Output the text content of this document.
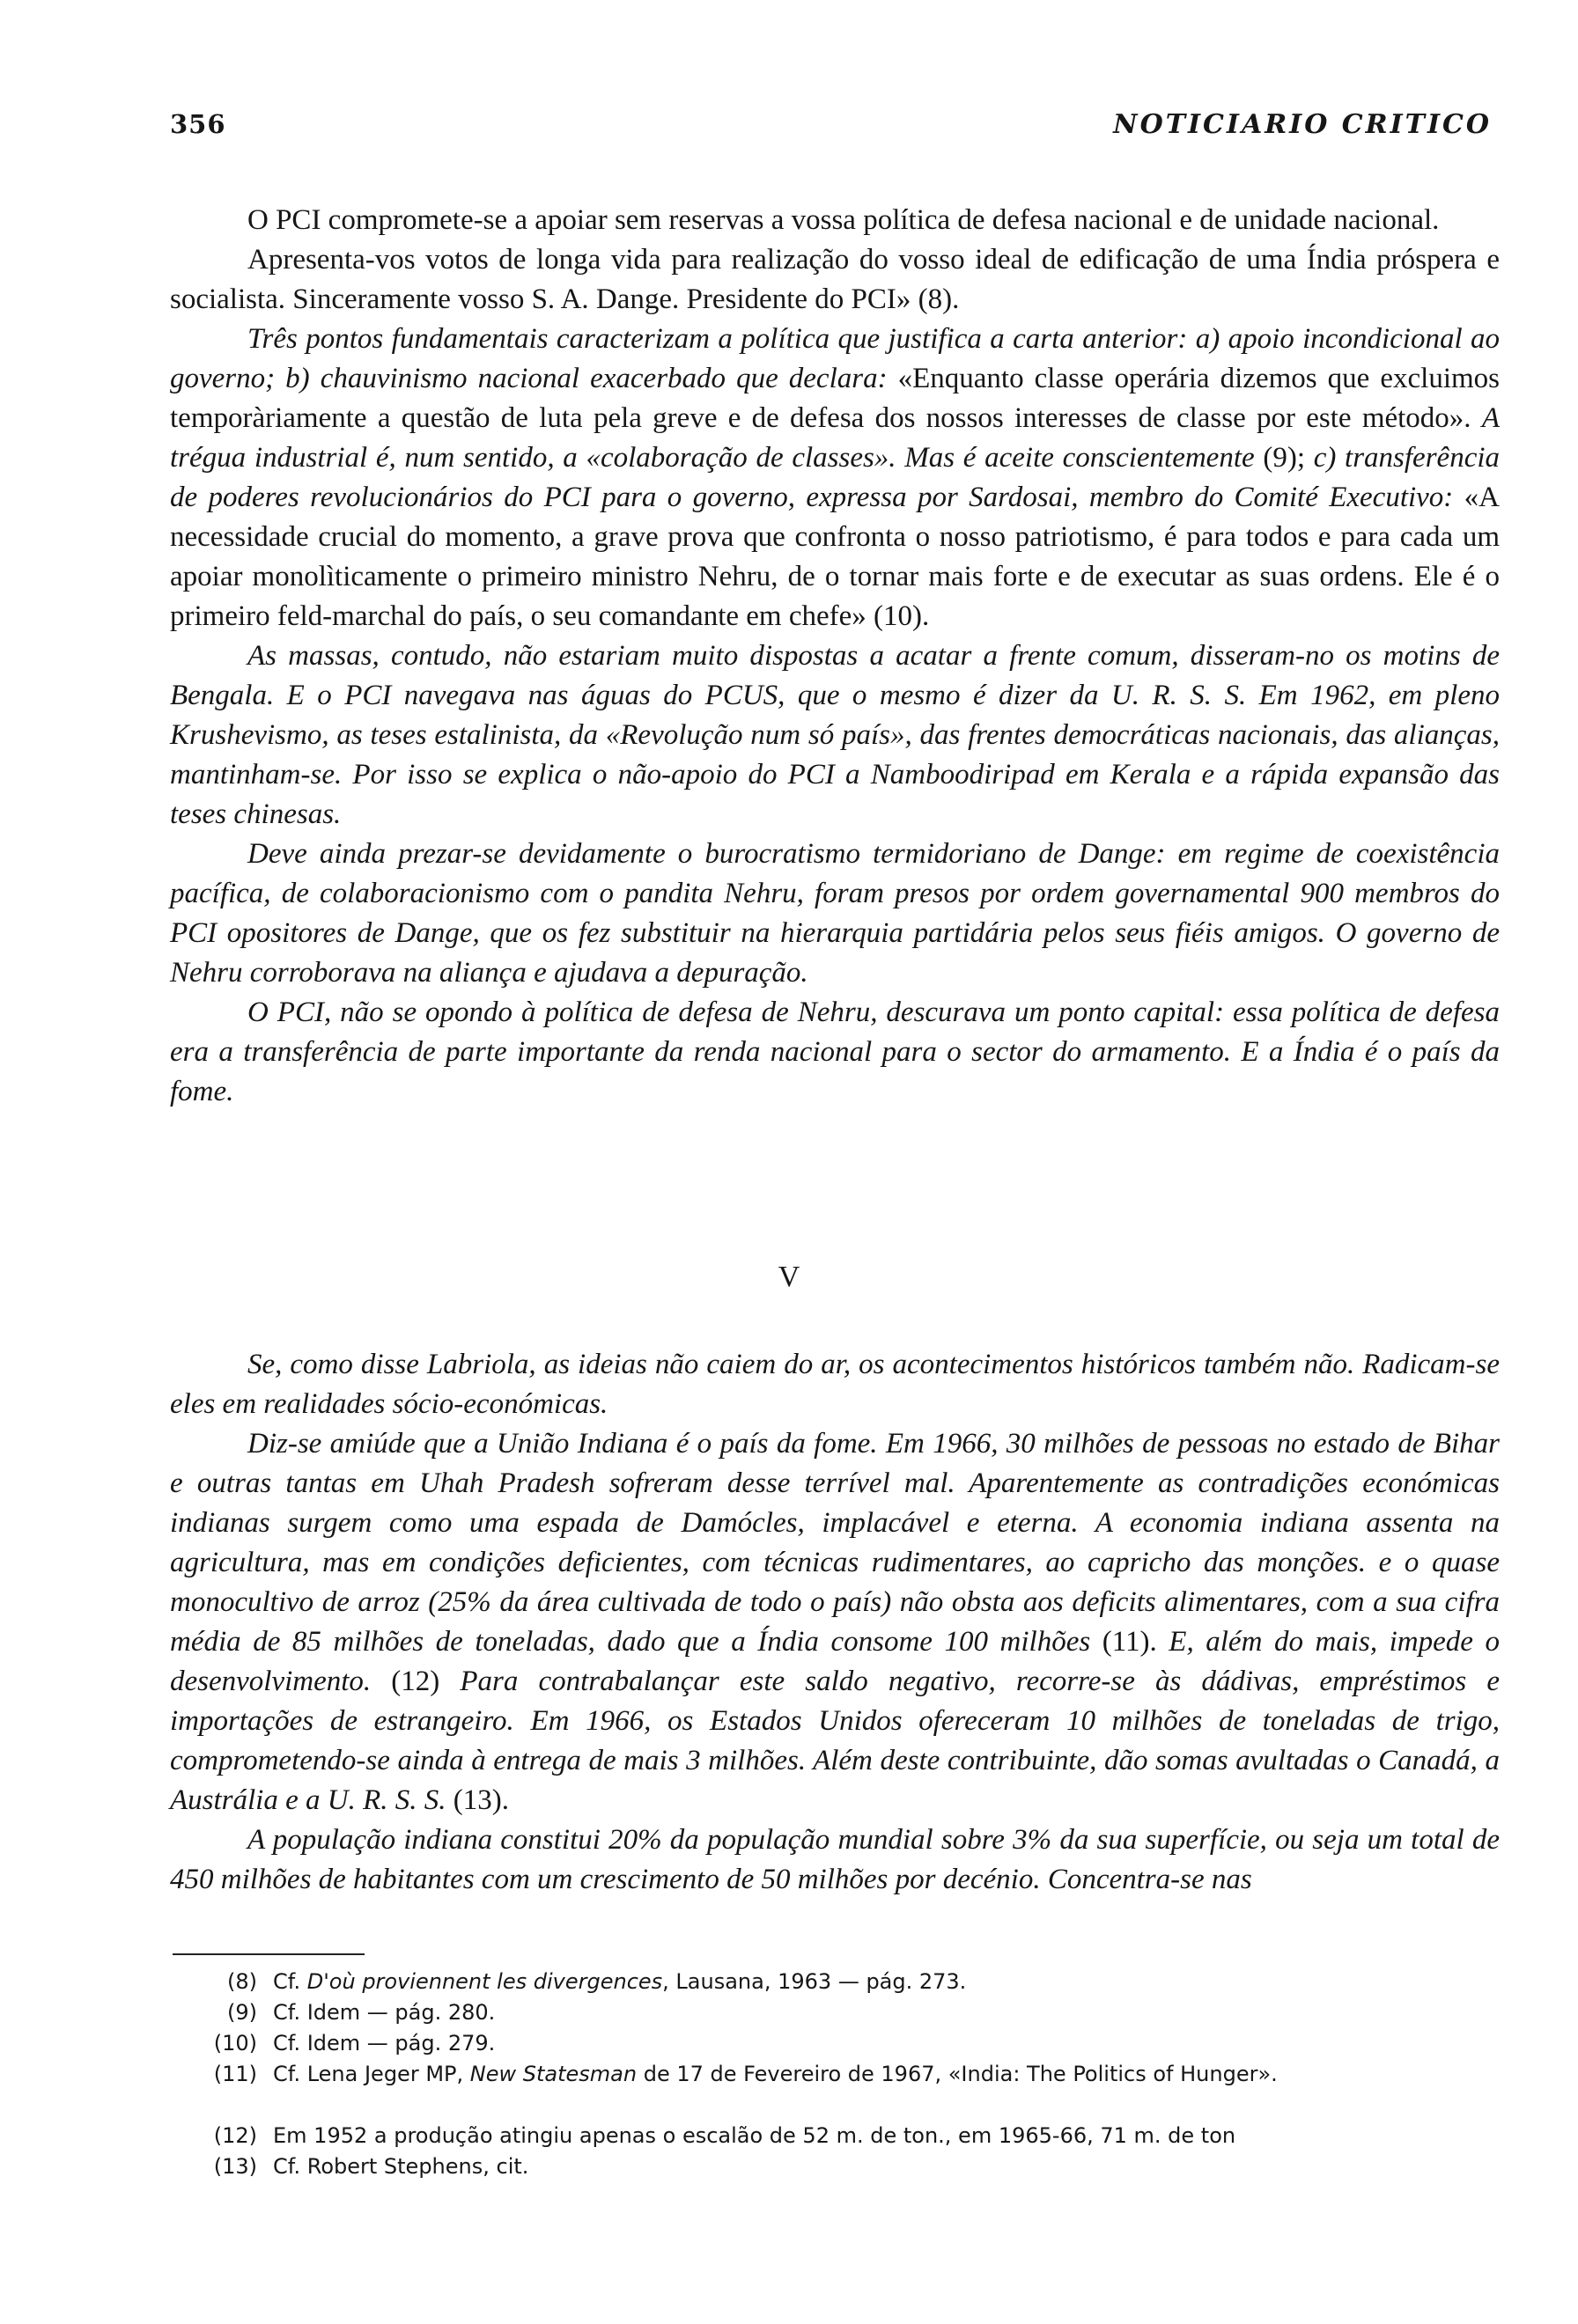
356	NOTICIARIO CRITICO

O PCI compromete-se a apoiar sem reservas a vossa política de defesa nacional e de unidade nacional.

Apresenta-vos votos de longa vida para realização do vosso ideal de edificação de uma Índia próspera e socialista. Sinceramente vosso S. A. Dange. Presidente do PCI» (8).

Três pontos fundamentais caracterizam a política que justifica a carta anterior: a) apoio incondicional ao governo; b) chauvinismo nacional exacerbado que declara: «Enquanto classe operária dizemos que excluimos temporàriamente a questão de luta pela greve e de defesa dos nossos interesses de classe por este método». A trégua industrial é, num sentido, a «colaboração de classes». Mas é aceite conscientemente (9); c) transferência de poderes revolucionários do PCI para o governo, expressa por Sardosai, membro do Comité Executivo: «A necessidade crucial do momento, a grave prova que confronta o nosso patriotismo, é para todos e para cada um apoiar monolìticamente o primeiro ministro Nehru, de o tornar mais forte e de executar as suas ordens. Ele é o primeiro feld-marchal do país, o seu comandante em chefe» (10).

As massas, contudo, não estariam muito dispostas a acatar a frente comum, disseram-no os motins de Bengala. E o PCI navegava nas águas do PCUS, que o mesmo é dizer da U. R. S. S. Em 1962, em pleno Krushevismo, as teses estalinista, da «Revolução num só país», das frentes democráticas nacionais, das alianças, mantinham-se. Por isso se explica o não-apoio do PCI a Namboodiripad em Kerala e a rápida expansão das teses chinesas.

Deve ainda prezar-se devidamente o burocratismo termidoriano de Dange: em regime de coexistência pacífica, de colaboracionismo com o pandita Nehru, foram presos por ordem governamental 900 membros do PCI opositores de Dange, que os fez substituir na hierarquia partidária pelos seus fiéis amigos. O governo de Nehru corroborava na aliança e ajudava a depuração.

O PCI, não se opondo à política de defesa de Nehru, descurava um ponto capital: essa política de defesa era a transferência de parte importante da renda nacional para o sector do armamento. E a Índia é o país da fome.

V

Se, como disse Labriola, as ideias não caiem do ar, os acontecimentos históricos também não. Radicam-se eles em realidades sócio-económicas.

Diz-se amiúde que a União Indiana é o país da fome. Em 1966, 30 milhões de pessoas no estado de Bihar e outras tantas em Uhah Pradesh sofreram desse terrível mal. Aparentemente as contradições económicas indianas surgem como uma espada de Damócles, implacável e eterna. A economia indiana assenta na agricultura, mas em condições deficientes, com técnicas rudimentares, ao capricho das monções. e o quase monocultivo de arroz (25% da área cultivada de todo o país) não obsta aos deficits alimentares, com a sua cifra média de 85 milhões de toneladas, dado que a Índia consome 100 milhões (11). E, além do mais, impede o desenvolvimento. (12) Para contrabalançar este saldo negativo, recorre-se às dádivas, empréstimos e importações de estrangeiro. Em 1966, os Estados Unidos ofereceram 10 milhões de toneladas de trigo, comprometendo-se ainda à entrega de mais 3 milhões. Além deste contribuinte, dão somas avultadas o Canadá, a Austrália e a U. R. S. S. (13).

A população indiana constitui 20% da população mundial sobre 3% da sua superfície, ou seja um total de 450 milhões de habitantes com um crescimento de 50 milhões por decénio. Concentra-se nas

(8) Cf. D'où proviennent les divergences, Lausana, 1963 — pág. 273.
(9) Cf. Idem — pág. 280.
(10) Cf. Idem — pág. 279.
(11) Cf. Lena Jeger MP, New Statesman de 17 de Fevereiro de 1967, «India: The Politics of Hunger».
(12) Em 1952 a produção atingiu apenas o escalão de 52 m. de ton., em 1965-66, 71 m. de ton
(13) Cf. Robert Stephens, cit.
